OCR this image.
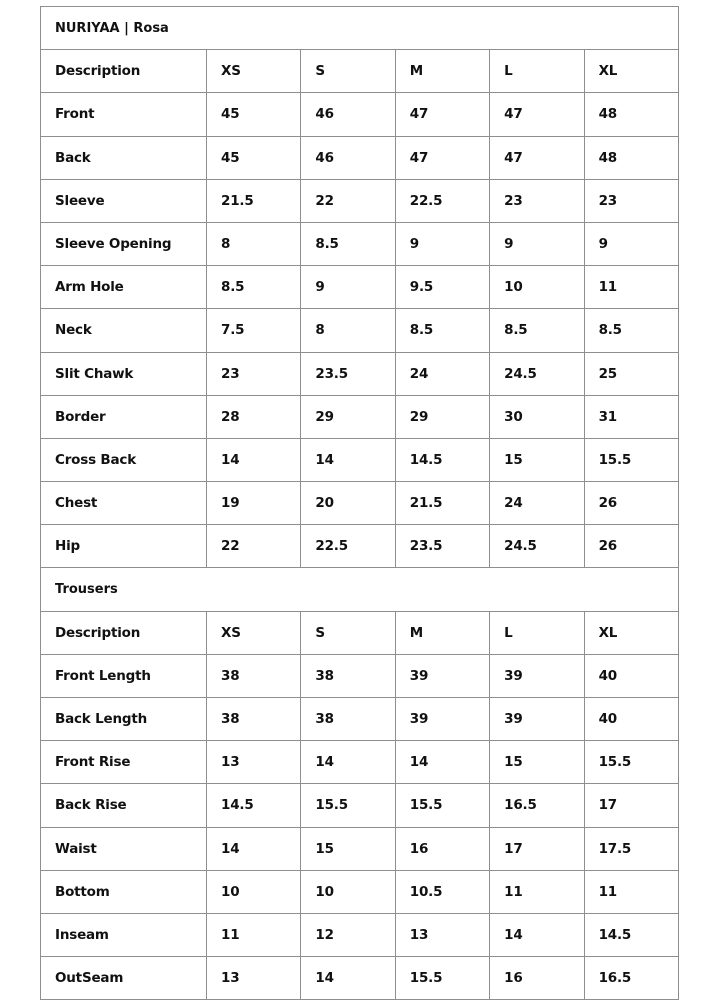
NURIYAA | Rosa					
Description	XS	S	M	L	XL
Front	45	46	47	47	48
Back	45	46	47	47	48
Sleeve	21.5	22	22.5	23	23
Sleeve Opening	8	8.5	9	9	9
Arm Hole	8.5	9	9.5	10	11
Neck	7.5	8	8.5	8.5	8.5
Slit Chawk	23	23.5	24	24.5	25
Border	28	29	29	30	31
Cross Back	14	14	14.5	15	15.5
Chest	19	20	21.5	24	26
Hip	22	22.5	23.5	24.5	26
Trousers					
Description	XS	S	M	L	XL
Front Length	38	38	39	39	40
Back Length	38	38	39	39	40
Front Rise	13	14	14	15	15.5
Back Rise	14.5	15.5	15.5	16.5	17
Waist	14	15	16	17	17.5
Bottom	10	10	10.5	11	11
Inseam	11	12	13	14	14.5
OutSeam	13	14	15.5	16	16.5
